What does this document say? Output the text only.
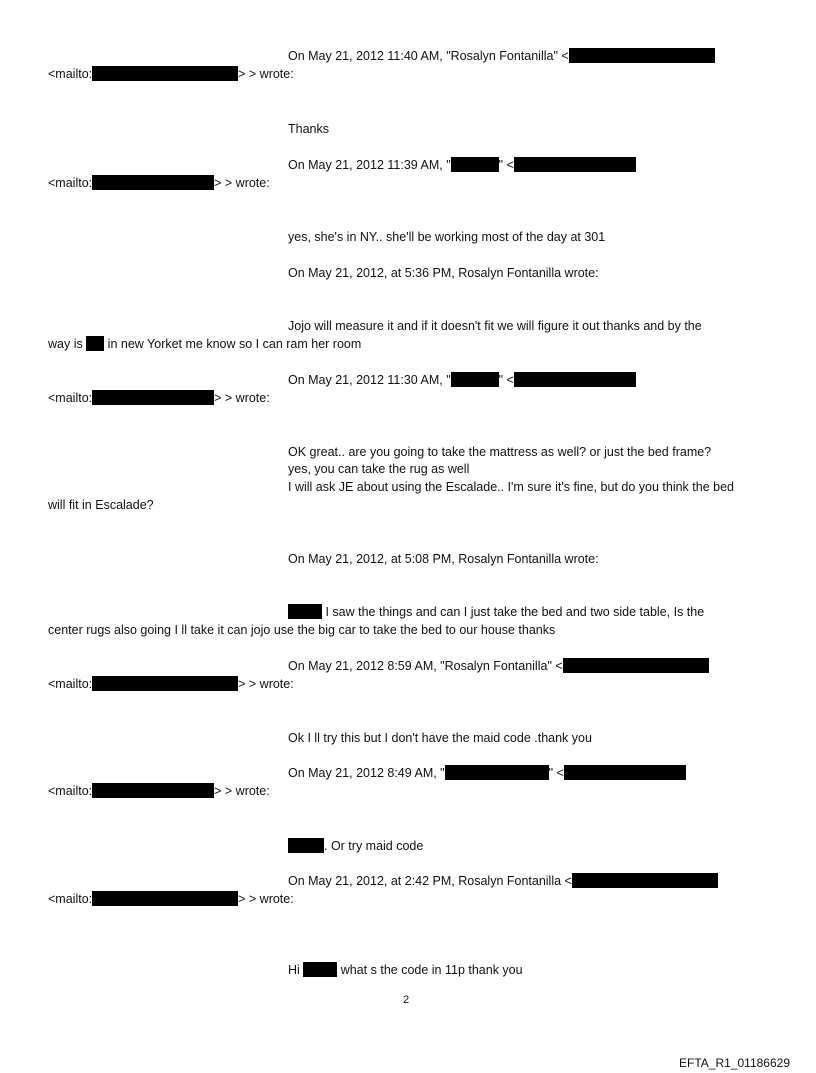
On May 21, 2012 11:40 AM, "Rosalyn Fontanilla" <
<mailto:	> > wrote:
Thanks
On May 21, 2012 11:39 AM, "	" <
<mailto:	> > wrote:
yes, she's in NY.. she'll be working most of the day at 301
On May 21, 2012, at 5:36 PM, Rosalyn Fontanilla wrote:
Jojo will measure it and if it doesn't fit we will figure it out thanks and by the
way is  in new Yorket me know so I can ram her room
On May 21, 2012 11:30 AM, "	" <
<mailto:	> > wrote:
OK great.. are you going to take the mattress as well? or just the bed frame?
yes, you can take the rug as well
I will ask JE about using the Escalade.. I'm sure it's fine, but do you think the bed
will fit in Escalade?
On May 21, 2012, at 5:08 PM, Rosalyn Fontanilla wrote:
I saw the things and can I just take the bed and two side table, Is the
center rugs also going I ll take it can jojo use the big car to take the bed to our house thanks
On May 21, 2012 8:59 AM, "Rosalyn Fontanilla" <
<mailto:	> > wrote:
Ok I ll try this but I don't have the maid code .thank you
On May 21, 2012 8:49 AM, "	" <
<mailto:	> > wrote:
. Or try maid code
On May 21, 2012, at 2:42 PM, Rosalyn Fontanilla <
<mailto:	> > wrote:
Hi	what s the code in 11p thank you
2
EFTA_R1_01186629
